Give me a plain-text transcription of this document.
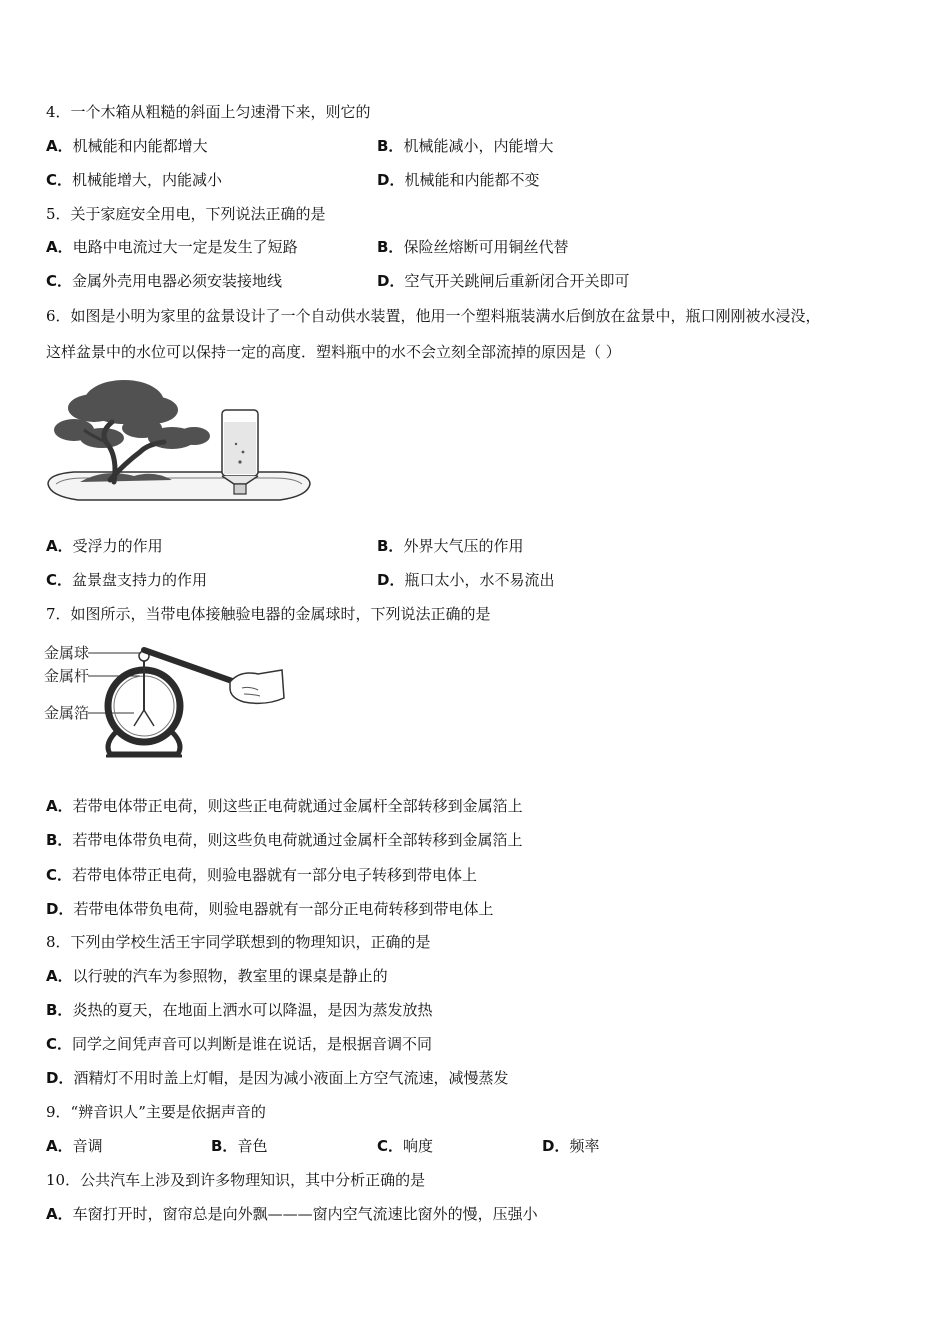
4．一个木箱从粗糙的斜面上匀速滑下来，则它的
A．机械能和内能都增大	B．机械能减小，内能增大
C．机械能增大，内能减小	D．机械能和内能都不变
5．关于家庭安全用电，下列说法正确的是
A．电路中电流过大一定是发生了短路	B．保险丝熔断可用铜丝代替
C．金属外壳用电器必须安装接地线	D．空气开关跳闸后重新闭合开关即可
6．如图是小明为家里的盆景设计了一个自动供水装置，他用一个塑料瓶装满水后倒放在盆景中，瓶口刚刚被水浸没，
这样盆景中的水位可以保持一定的高度．塑料瓶中的水不会立刻全部流掉的原因是（ ）
A．受浮力的作用	B．外界大气压的作用
C．盆景盘支持力的作用	D．瓶口太小，水不易流出
7．如图所示，当带电体接触验电器的金属球时，下列说法正确的是
金属球
金属杆
金属箔
A．若带电体带正电荷，则这些正电荷就通过金属杆全部转移到金属箔上
B．若带电体带负电荷，则这些负电荷就通过金属杆全部转移到金属箔上
C．若带电体带正电荷，则验电器就有一部分电子转移到带电体上
D．若带电体带负电荷，则验电器就有一部分正电荷转移到带电体上
8．下列由学校生活王宇同学联想到的物理知识，正确的是
A．以行驶的汽车为参照物，教室里的课桌是静止的
B．炎热的夏天，在地面上洒水可以降温，是因为蒸发放热
C．同学之间凭声音可以判断是谁在说话，是根据音调不同
D．酒精灯不用时盖上灯帽，是因为减小液面上方空气流速，减慢蒸发
9．“辨音识人”主要是依据声音的
A．音调	B．音色	C．响度	D．频率
10．公共汽车上涉及到许多物理知识，其中分析正确的是
A．车窗打开时，窗帘总是向外飘———窗内空气流速比窗外的慢，压强小
